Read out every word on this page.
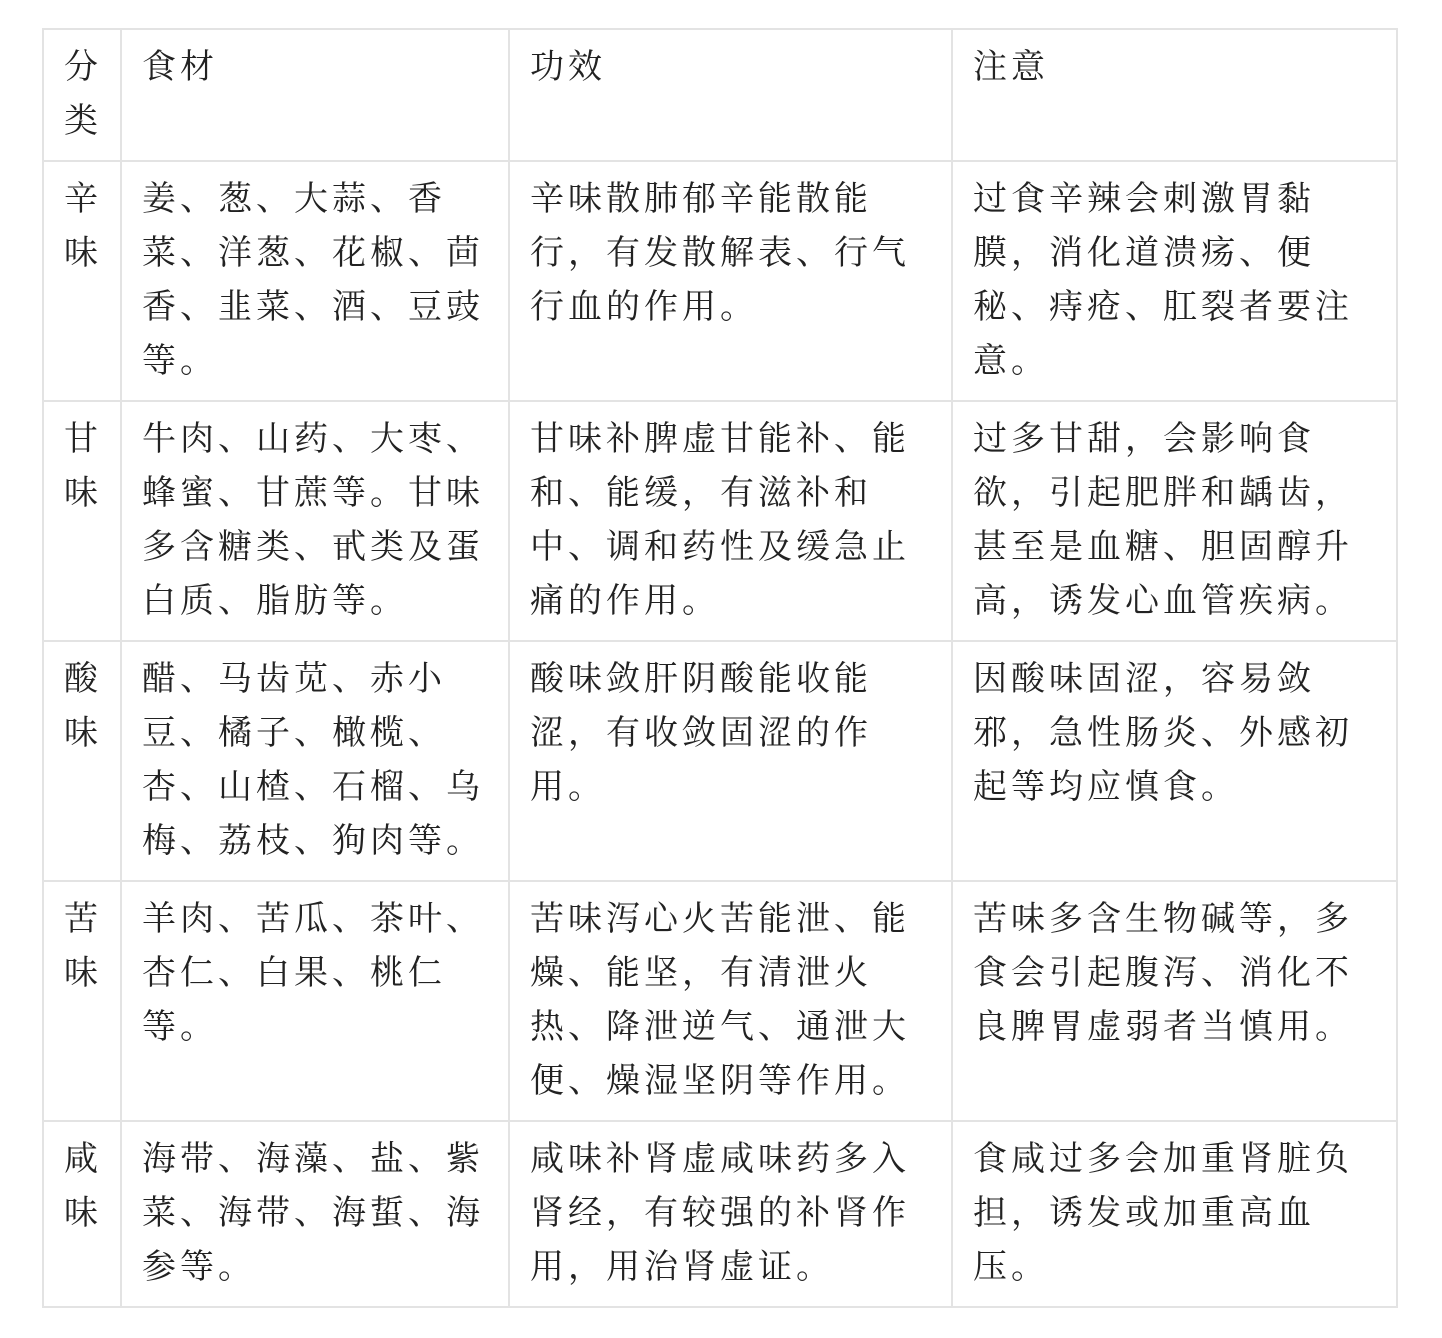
分类	食材	功效	注意
辛味	姜、葱、大蒜、香菜、洋葱、花椒、茴香、韭菜、酒、豆豉等。	辛味散肺郁辛能散能行，有发散解表、行气行血的作用。	过食辛辣会刺激胃黏膜，消化道溃疡、便秘、痔疮、肛裂者要注意。
甘味	牛肉、山药、大枣、蜂蜜、甘蔗等。甘味多含糖类、甙类及蛋白质、脂肪等。	甘味补脾虚甘能补、能和、能缓，有滋补和中、调和药性及缓急止痛的作用。	过多甘甜，会影响食欲，引起肥胖和龋齿，甚至是血糖、胆固醇升高，诱发心血管疾病。
酸味	醋、马齿苋、赤小豆、橘子、橄榄、杏、山楂、石榴、乌梅、荔枝、狗肉等。	酸味敛肝阴酸能收能涩，有收敛固涩的作用。	因酸味固涩，容易敛邪，急性肠炎、外感初起等均应慎食。
苦味	羊肉、苦瓜、茶叶、杏仁、白果、桃仁等。	苦味泻心火苦能泄、能燥、能坚，有清泄火热、降泄逆气、通泄大便、燥湿坚阴等作用。	苦味多含生物碱等，多食会引起腹泻、消化不良脾胃虚弱者当慎用。
咸味	海带、海藻、盐、紫菜、海带、海蜇、海参等。	咸味补肾虚咸味药多入肾经，有较强的补肾作用，用治肾虚证。	食咸过多会加重肾脏负担，诱发或加重高血压。
